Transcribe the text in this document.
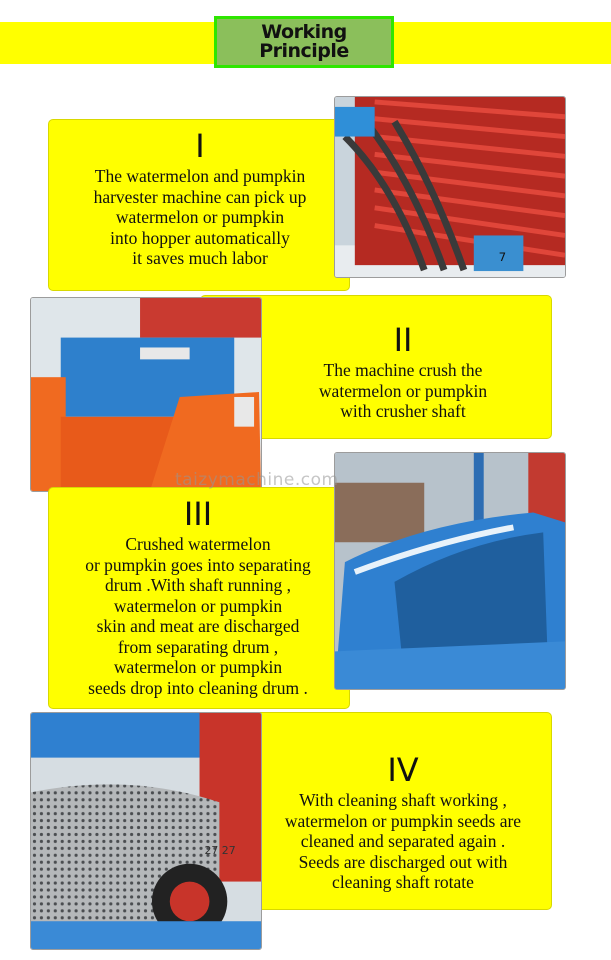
Working
Principle
I
The watermelon and pumpkin
harvester machine can pick up
watermelon or pumpkin
into hopper automatically
it saves much labor	7
II
The machine crush the
watermelon or pumpkin
with crusher shaft
III
Crushed watermelon
or pumpkin goes into separating
drum .With shaft running ,
watermelon or pumpkin
skin and meat are discharged
from separating drum ,
watermelon or pumpkin
seeds drop into cleaning drum .
27 27
IV
With cleaning shaft working ,
watermelon or pumpkin seeds are
cleaned and separated again .
Seeds are discharged out with
cleaning shaft rotate
taizymachine.com
